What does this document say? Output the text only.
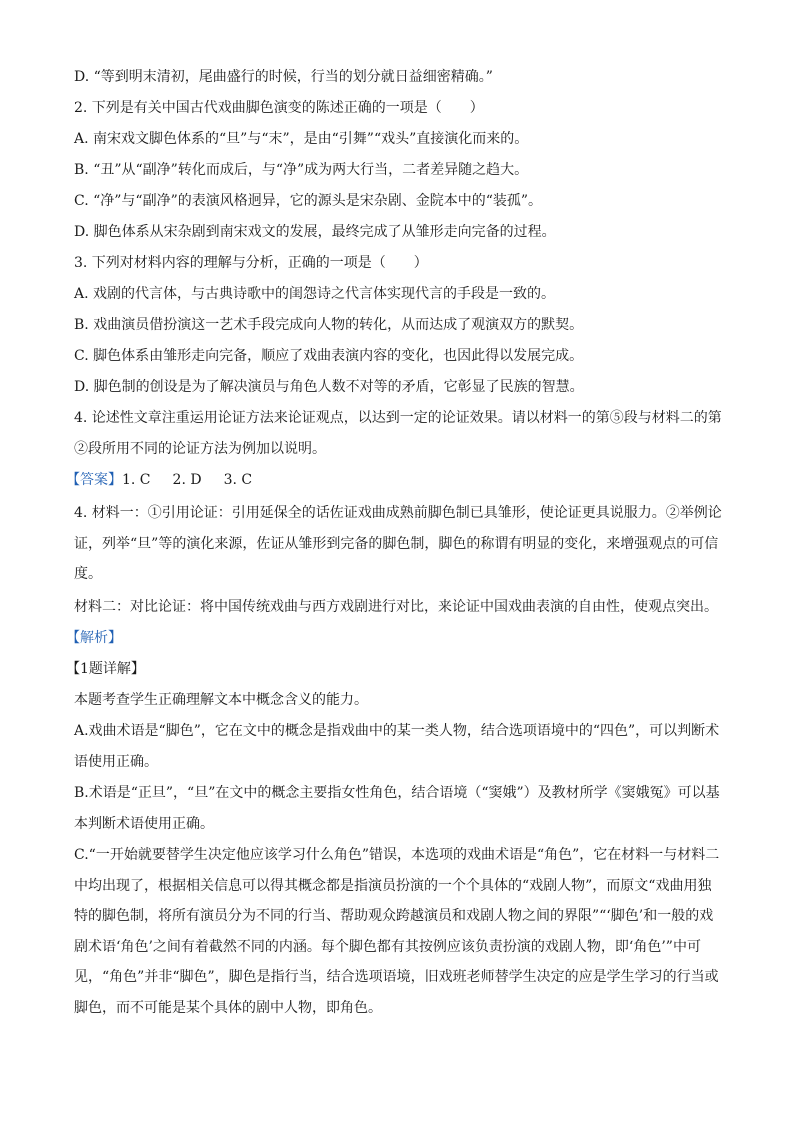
D. “等到明末清初，尾曲盛行的时候，行当的划分就日益细密精确。”

2. 下列是有关中国古代戏曲脚色演变的陈述正确的一项是（　　）

A. 南宋戏文脚色体系的“旦”与“末”，是由“引舞”“戏头”直接演化而来的。

B. “丑”从“副净”转化而成后，与“净”成为两大行当，二者差异随之趋大。

C. “净”与“副净”的表演风格迥异，它的源头是宋杂剧、金院本中的“装孤”。

D. 脚色体系从宋杂剧到南宋戏文的发展，最终完成了从雏形走向完备的过程。

3. 下列对材料内容的理解与分析，正确的一项是（　　）

A. 戏剧的代言体，与古典诗歌中的闺怨诗之代言体实现代言的手段是一致的。

B. 戏曲演员借扮演这一艺术手段完成向人物的转化，从而达成了观演双方的默契。

C. 脚色体系由雏形走向完备，顺应了戏曲表演内容的变化，也因此得以发展完成。

D. 脚色制的创设是为了解决演员与角色人数不对等的矛盾，它彰显了民族的智慧。

4. 论述性文章注重运用论证方法来论证观点，以达到一定的论证效果。请以材料一的第⑤段与材料二的第②段所用不同的论证方法为例加以说明。

【答案】1. C 2. D 3. C

4. 材料一：①引用论证：引用延保全的话佐证戏曲成熟前脚色制已具雏形，使论证更具说服力。②举例论证，列举“旦”等的演化来源，佐证从雏形到完备的脚色制，脚色的称谓有明显的变化，来增强观点的可信度。

材料二：对比论证：将中国传统戏曲与西方戏剧进行对比，来论证中国戏曲表演的自由性，使观点突出。

【解析】

【1题详解】

本题考查学生正确理解文本中概念含义的能力。

A.戏曲术语是“脚色”，它在文中的概念是指戏曲中的某一类人物，结合选项语境中的“四色”，可以判断术语使用正确。

B.术语是“正旦”，“旦”在文中的概念主要指女性角色，结合语境（“窦娥”）及教材所学《窦娥冤》可以基本判断术语使用正确。

C.“一开始就要替学生决定他应该学习什么角色”错误，本选项的戏曲术语是“角色”，它在材料一与材料二中均出现了，根据相关信息可以得其概念都是指演员扮演的一个个具体的“戏剧人物”，而原文“戏曲用独特的脚色制，将所有演员分为不同的行当、帮助观众跨越演员和戏剧人物之间的界限”“‘脚色’和一般的戏剧术语‘角色’之间有着截然不同的内涵。每个脚色都有其按例应该负责扮演的戏剧人物，即‘角色’”中可见，“角色”并非“脚色”，脚色是指行当，结合选项语境，旧戏班老师替学生决定的应是学生学习的行当或脚色，而不可能是某个具体的剧中人物，即角色。
